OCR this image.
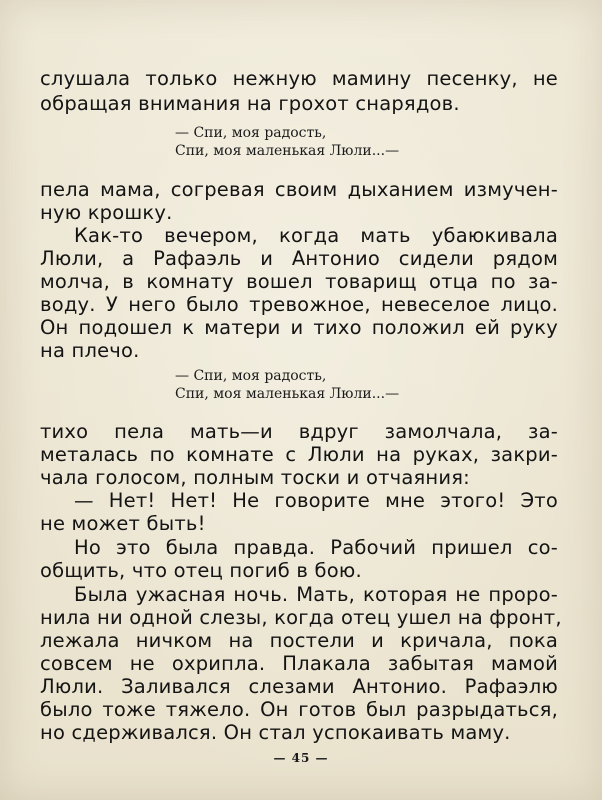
слушала только нежную мамину песенку, не
обращая внимания на грохот снарядов.
— Спи, моя радость,
Спи, моя маленькая Люли...—
пела мама, согревая своим дыханием измучен-
ную крошку.
Как-то вечером, когда мать убаюкивала
Люли, а Рафаэль и Антонио сидели рядом
молча, в комнату вошел товарищ отца по за-
воду. У него было тревожное, невеселое лицо.
Он подошел к матери и тихо положил ей руку
на плечо.
— Спи, моя радость,
Спи, моя маленькая Люли...—
тихо пела мать—и вдруг замолчала, за-
металась по комнате с Люли на руках, закри-
чала голосом, полным тоски и отчаяния:
— Нет! Нет! Не говорите мне этого! Это
не может быть!
Но это была правда. Рабочий пришел со-
общить, что отец погиб в бою.
Была ужасная ночь. Мать, которая не проро-
нила ни одной слезы, когда отец ушел на фронт,
лежала ничком на постели и кричала, пока
совсем не охрипла. Плакала забытая мамой
Люли. Заливался слезами Антонио. Рафаэлю
было тоже тяжело. Он готов был разрыдаться,
но сдерживался. Он стал успокаивать маму.
— 45 —
